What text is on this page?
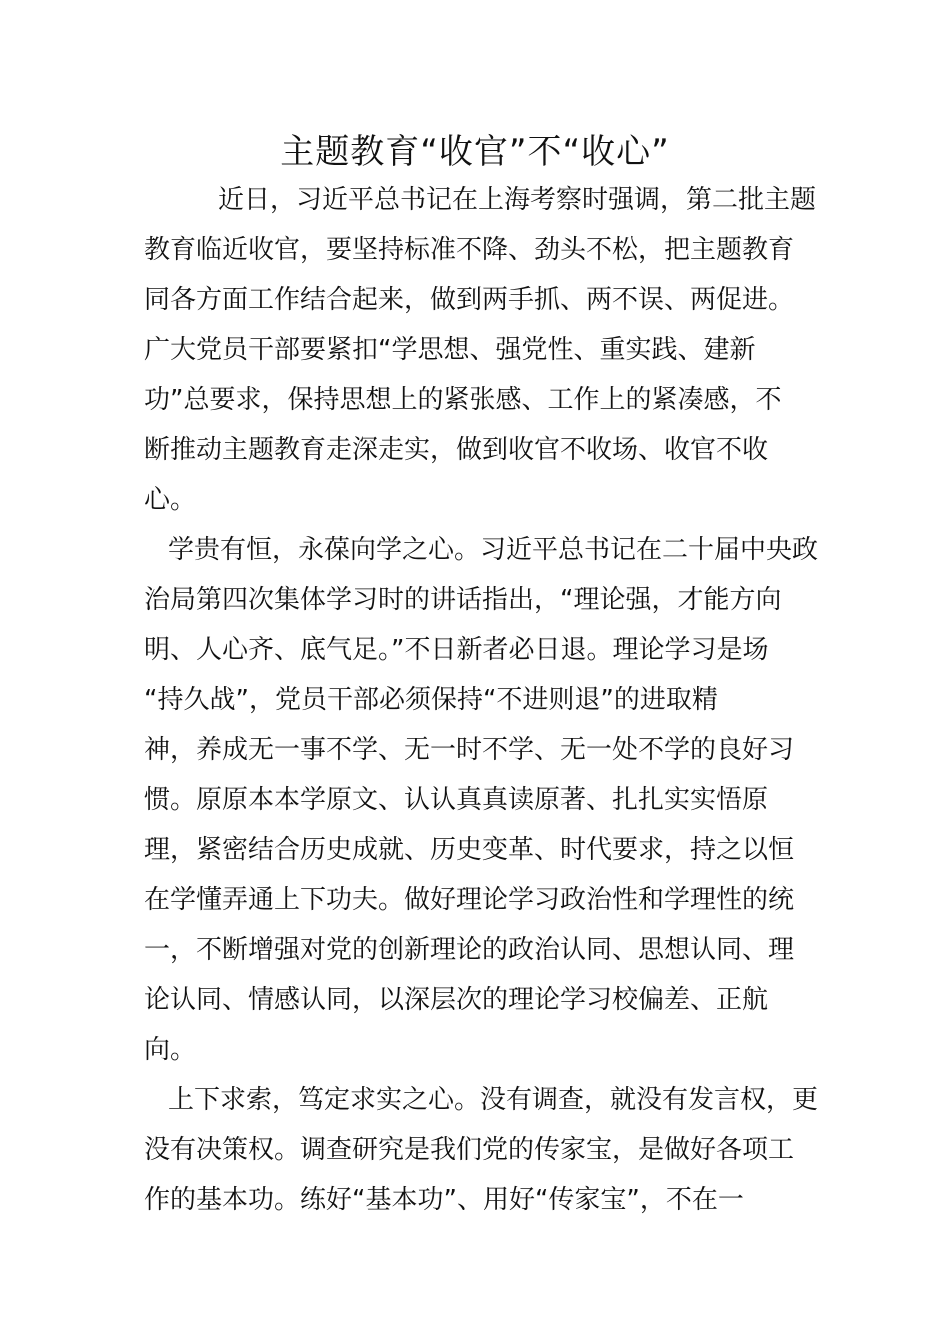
主题教育“收官”不“收心”
近日，习近平总书记在上海考察时强调，第二批主题
教育临近收官，要坚持标准不降、劲头不松，把主题教育
同各方面工作结合起来，做到两手抓、两不误、两促进。
广大党员干部要紧扣“学思想、强党性、重实践、建新
功”总要求，保持思想上的紧张感、工作上的紧凑感，不
断推动主题教育走深走实，做到收官不收场、收官不收
心。
学贵有恒，永葆向学之心。习近平总书记在二十届中央政
治局第四次集体学习时的讲话指出，“理论强，才能方向
明、人心齐、底气足。”不日新者必日退。理论学习是场
“持久战”，党员干部必须保持“不进则退”的进取精
神，养成无一事不学、无一时不学、无一处不学的良好习
惯。原原本本学原文、认认真真读原著、扎扎实实悟原
理，紧密结合历史成就、历史变革、时代要求，持之以恒
在学懂弄通上下功夫。做好理论学习政治性和学理性的统
一，不断增强对党的创新理论的政治认同、思想认同、理
论认同、情感认同，以深层次的理论学习校偏差、正航
向。
上下求索，笃定求实之心。没有调查，就没有发言权，更
没有决策权。调查研究是我们党的传家宝，是做好各项工
作的基本功。练好“基本功”、用好“传家宝”，不在一
